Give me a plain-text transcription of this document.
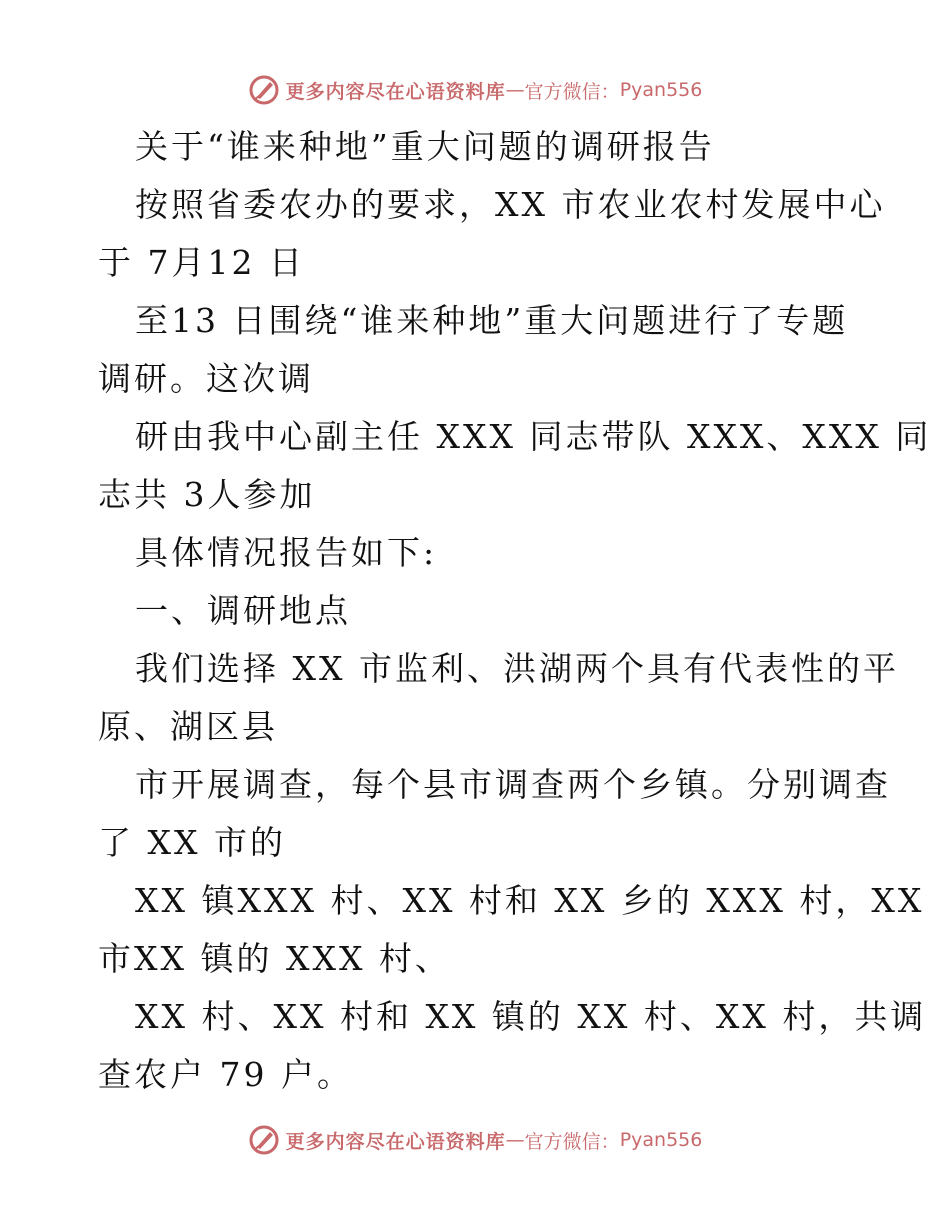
更多内容尽在心语资料库 — 官方微信： Pyan556

关于“谁来种地”重大问题的调研报告

按照省委农办的要求，XX 市农业农村发展中心

于 7月12 日

至13 日围绕“谁来种地”重大问题进行了专题

调研。这次调

研由我中心副主任 XXX 同志带队 XXX、XXX 同

志共 3人参加

具体情况报告如下:

一、调研地点

我们选择 XX 市监利、洪湖两个具有代表性的平

原、湖区县

市开展调查，每个县市调查两个乡镇。分别调查

了 XX 市的

XX 镇XXX 村、XX 村和 XX 乡的 XXX 村，XX

市XX 镇的 XXX 村、

XX 村、XX 村和 XX 镇的 XX 村、XX 村，共调

查农户 79 户。

更多内容尽在心语资料库 — 官方微信： Pyan556
